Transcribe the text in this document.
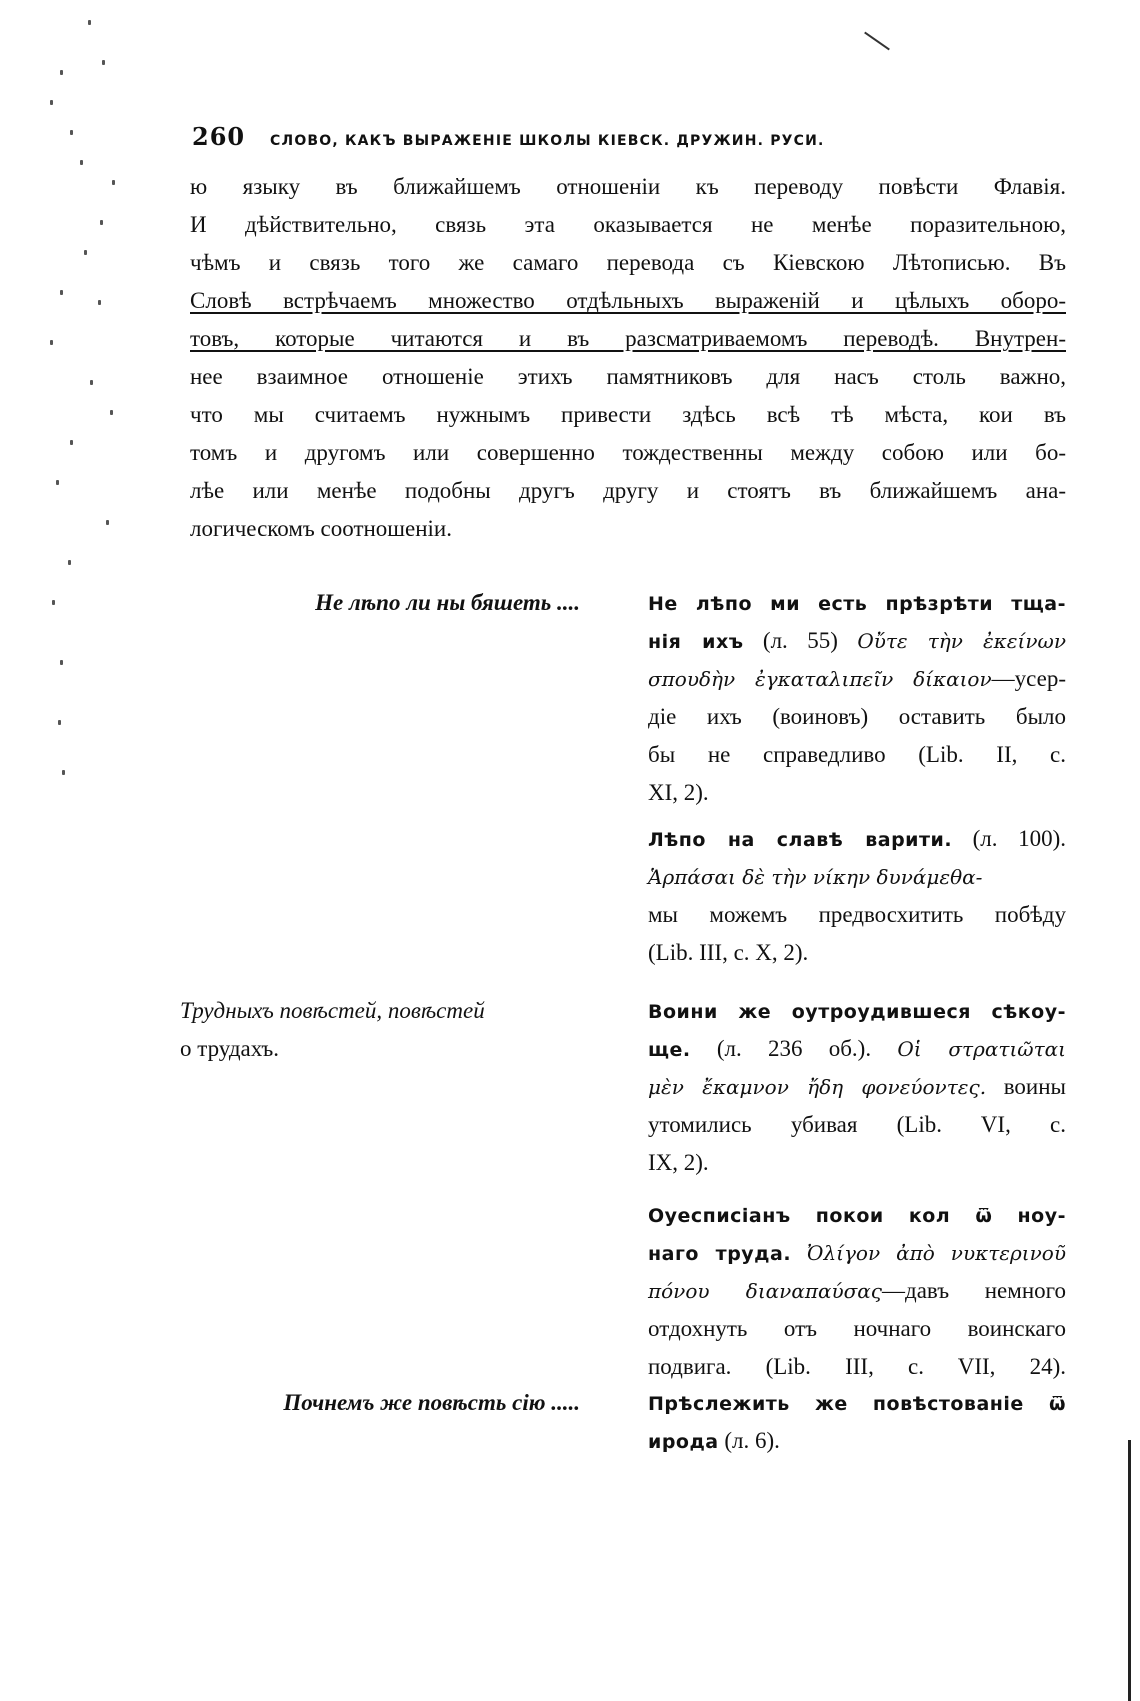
260 СЛОВО, КАКЪ ВЫРАЖЕНІЕ ШКОЛЫ КІЕВСК. ДРУЖИН. РУСИ.
ю языку въ ближайшемъ отношеніи къ переводу повѣсти Флавія.
И дѣйствительно, связь эта оказывается не менѣе поразительною,
чѣмъ и связь того же самаго перевода съ Кіевскою Лѣтописью. Въ
Словѣ встрѣчаемъ множество отдѣльныхъ выраженій и цѣлыхъ оборо-
товъ, которые читаются и въ разсматриваемомъ переводѣ. Внутрен-
нее взаимное отношеніе этихъ памятниковъ для насъ столь важно,
что мы считаемъ нужнымъ привести здѣсь всѣ тѣ мѣста, кои въ
томъ и другомъ или совершенно тождественны между собою или бо-
лѣе или менѣе подобны другъ другу и стоятъ въ ближайшемъ ана-
логическомъ соотношеніи.
Не лѣпо ли ны бяшеть ....	Не лѣпо ми есть прѣзрѣти тща-
нія ихъ (л. 55) Οὔτε τὴν ἐκείνων
σπουδὴν ἐγκαταλιπεῖν δίκαιον—усер-
діе ихъ (воиновъ) оставить было
бы не справедливо (Lib. II, c.
XI, 2).
Лѣпо на славѣ варити. (л. 100).
Ἁρπάσαι δὲ τὴν νίκην δυνάμεθα-
мы можемъ предвосхитить побѣду
(Lib. III, c. X, 2).
Трудныхъ повѣстей, повѣстей
о трудахъ.
Воини же оутроудившеся сѣкоу-
ще. (л. 236 об.). Οἱ στρατιῶται
μὲν ἔκαμνον ἤδη φονεύοντες. воины
утомились убивая (Lib. VI, c.
IX, 2).
Оуесписіанъ покои кол ѿ ноу-
наго труда. Ὀλίγον ἀπὸ νυκτερινοῦ
πόνου διαναπαύσας—давъ немного
отдохнуть отъ ночнаго воинскаго
подвига. (Lib. III, c. VII, 24).
Почнемъ же повѣсть сію .....	Прѣслежить же повѣстованіе ѿ
ирода (л. 6).
